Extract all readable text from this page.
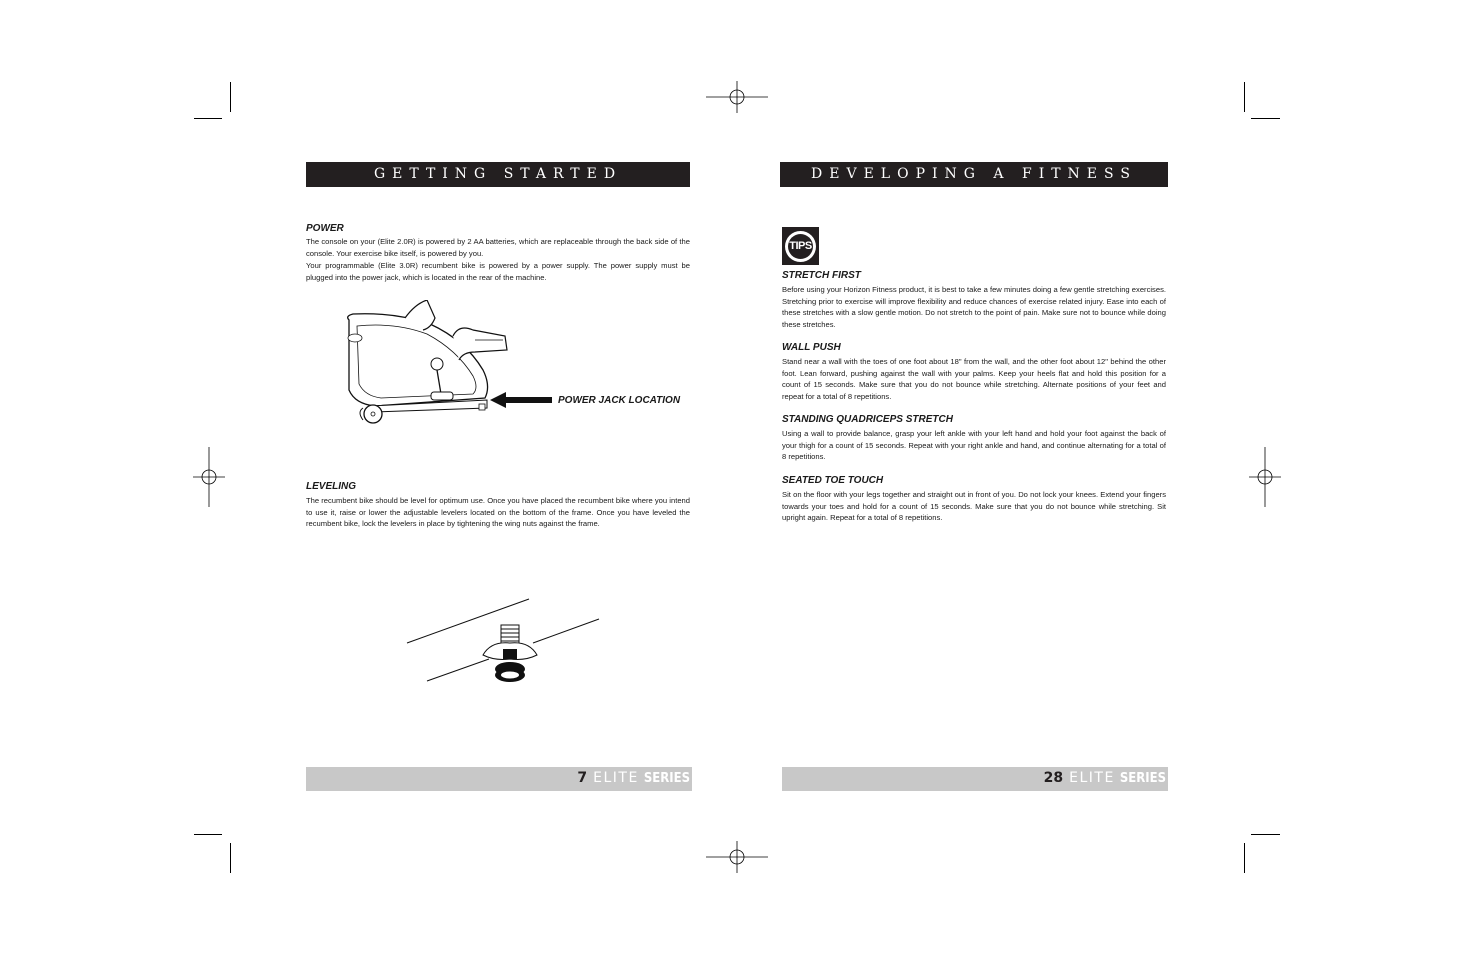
GETTING STARTED
POWER

The console on your (Elite 2.0R) is powered by 2 AA batteries, which are replaceable through the back side of the console. Your exercise bike itself, is powered by you.

Your programmable (Elite 3.0R) recumbent bike is powered by a power supply. The power supply must be plugged into the power jack, which is located in the rear of the machine.

POWER JACK LOCATION
LEVELING

The recumbent bike should be level for optimum use. Once you have placed the recumbent bike where you intend to use it, raise or lower the adjustable levelers located on the bottom of the frame. Once you have leveled the recumbent bike, lock the levelers in place by tightening the wing nuts against the frame.

7 ELITE SERIES
DEVELOPING A FITNESS PROGRAM
TIPS
STRETCH FIRST

Before using your Horizon Fitness product, it is best to take a few minutes doing a few gentle stretching exercises. Stretching prior to exercise will improve flexibility and reduce chances of exercise related injury. Ease into each of these stretches with a slow gentle motion. Do not stretch to the point of pain. Make sure not to bounce while doing these stretches.

WALL PUSH

Stand near a wall with the toes of one foot about 18" from the wall, and the other foot about 12" behind the other foot. Lean forward, pushing against the wall with your palms. Keep your heels flat and hold this position for a count of 15 seconds. Make sure that you do not bounce while stretching. Alternate positions of your feet and repeat for a total of 8 repetitions.

STANDING QUADRICEPS STRETCH

Using a wall to provide balance, grasp your left ankle with your left hand and hold your foot against the back of your thigh for a count of 15 seconds. Repeat with your right ankle and hand, and continue alternating for a total of 8 repetitions.

SEATED TOE TOUCH

Sit on the floor with your legs together and straight out in front of you. Do not lock your knees. Extend your fingers towards your toes and hold for a count of 15 seconds. Make sure that you do not bounce while stretching. Sit upright again. Repeat for a total of 8 repetitions.

28 ELITE SERIES
